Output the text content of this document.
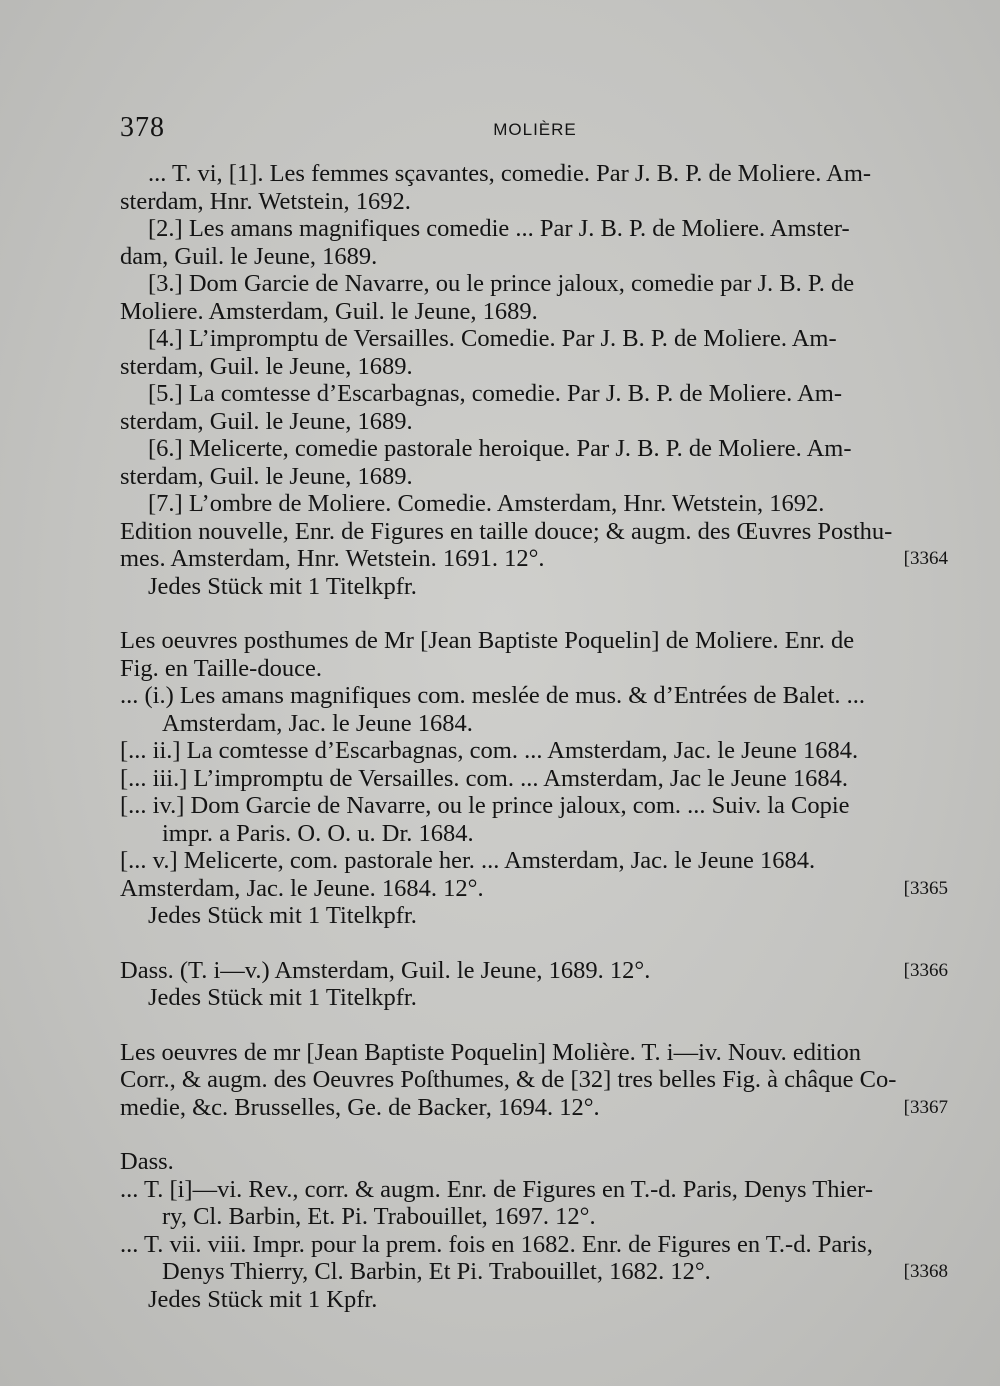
378	MOLIÈRE
... T. vi, [1]. Les femmes sçavantes, comedie. Par J. B. P. de Moliere. Am-
sterdam, Hnr. Wetstein, 1692.
[2.] Les amans magnifiques comedie ... Par J. B. P. de Moliere. Amster-
dam, Guil. le Jeune, 1689.
[3.] Dom Garcie de Navarre, ou le prince jaloux, comedie par J. B. P. de
Moliere. Amsterdam, Guil. le Jeune, 1689.
[4.] L’impromptu de Versailles. Comedie. Par J. B. P. de Moliere. Am-
sterdam, Guil. le Jeune, 1689.
[5.] La comtesse d’Escarbagnas, comedie. Par J. B. P. de Moliere. Am-
sterdam, Guil. le Jeune, 1689.
[6.] Melicerte, comedie pastorale heroique. Par J. B. P. de Moliere. Am-
sterdam, Guil. le Jeune, 1689.
[7.] L’ombre de Moliere. Comedie. Amsterdam, Hnr. Wetstein, 1692.
Edition nouvelle, Enr. de Figures en taille douce; & augm. des Œuvres Posthu-
mes. Amsterdam, Hnr. Wetstein. 1691. 12°.	[3364
Jedes Stück mit 1 Titelkpfr.
Les oeuvres posthumes de Mr [Jean Baptiste Poquelin] de Moliere. Enr. de
Fig. en Taille-douce.
... (i.) Les amans magnifiques com. meslée de mus. & d’Entrées de Balet. ...
Amsterdam, Jac. le Jeune 1684.
[... ii.] La comtesse d’Escarbagnas, com. ... Amsterdam, Jac. le Jeune 1684.
[... iii.] L’impromptu de Versailles. com. ... Amsterdam, Jac le Jeune 1684.
[... iv.] Dom Garcie de Navarre, ou le prince jaloux, com. ... Suiv. la Copie
impr. a Paris. O. O. u. Dr. 1684.
[... v.] Melicerte, com. pastorale her. ... Amsterdam, Jac. le Jeune 1684.
Amsterdam, Jac. le Jeune. 1684. 12°.	[3365
Jedes Stück mit 1 Titelkpfr.
Dass. (T. i—v.) Amsterdam, Guil. le Jeune, 1689. 12°.	[3366
Jedes Stück mit 1 Titelkpfr.
Les oeuvres de mr [Jean Baptiste Poquelin] Molière. T. i—iv. Nouv. edition
Corr., & augm. des Oeuvres Poſthumes, & de [32] tres belles Fig. à châque Co-
medie, &c. Brusselles, Ge. de Backer, 1694. 12°.	[3367
Dass.
... T. [i]—vi. Rev., corr. & augm. Enr. de Figures en T.-d. Paris, Denys Thier-
ry, Cl. Barbin, Et. Pi. Trabouillet, 1697. 12°.
... T. vii. viii. Impr. pour la prem. fois en 1682. Enr. de Figures en T.-d. Paris,
Denys Thierry, Cl. Barbin, Et Pi. Trabouillet, 1682. 12°.	[3368
Jedes Stück mit 1 Kpfr.
